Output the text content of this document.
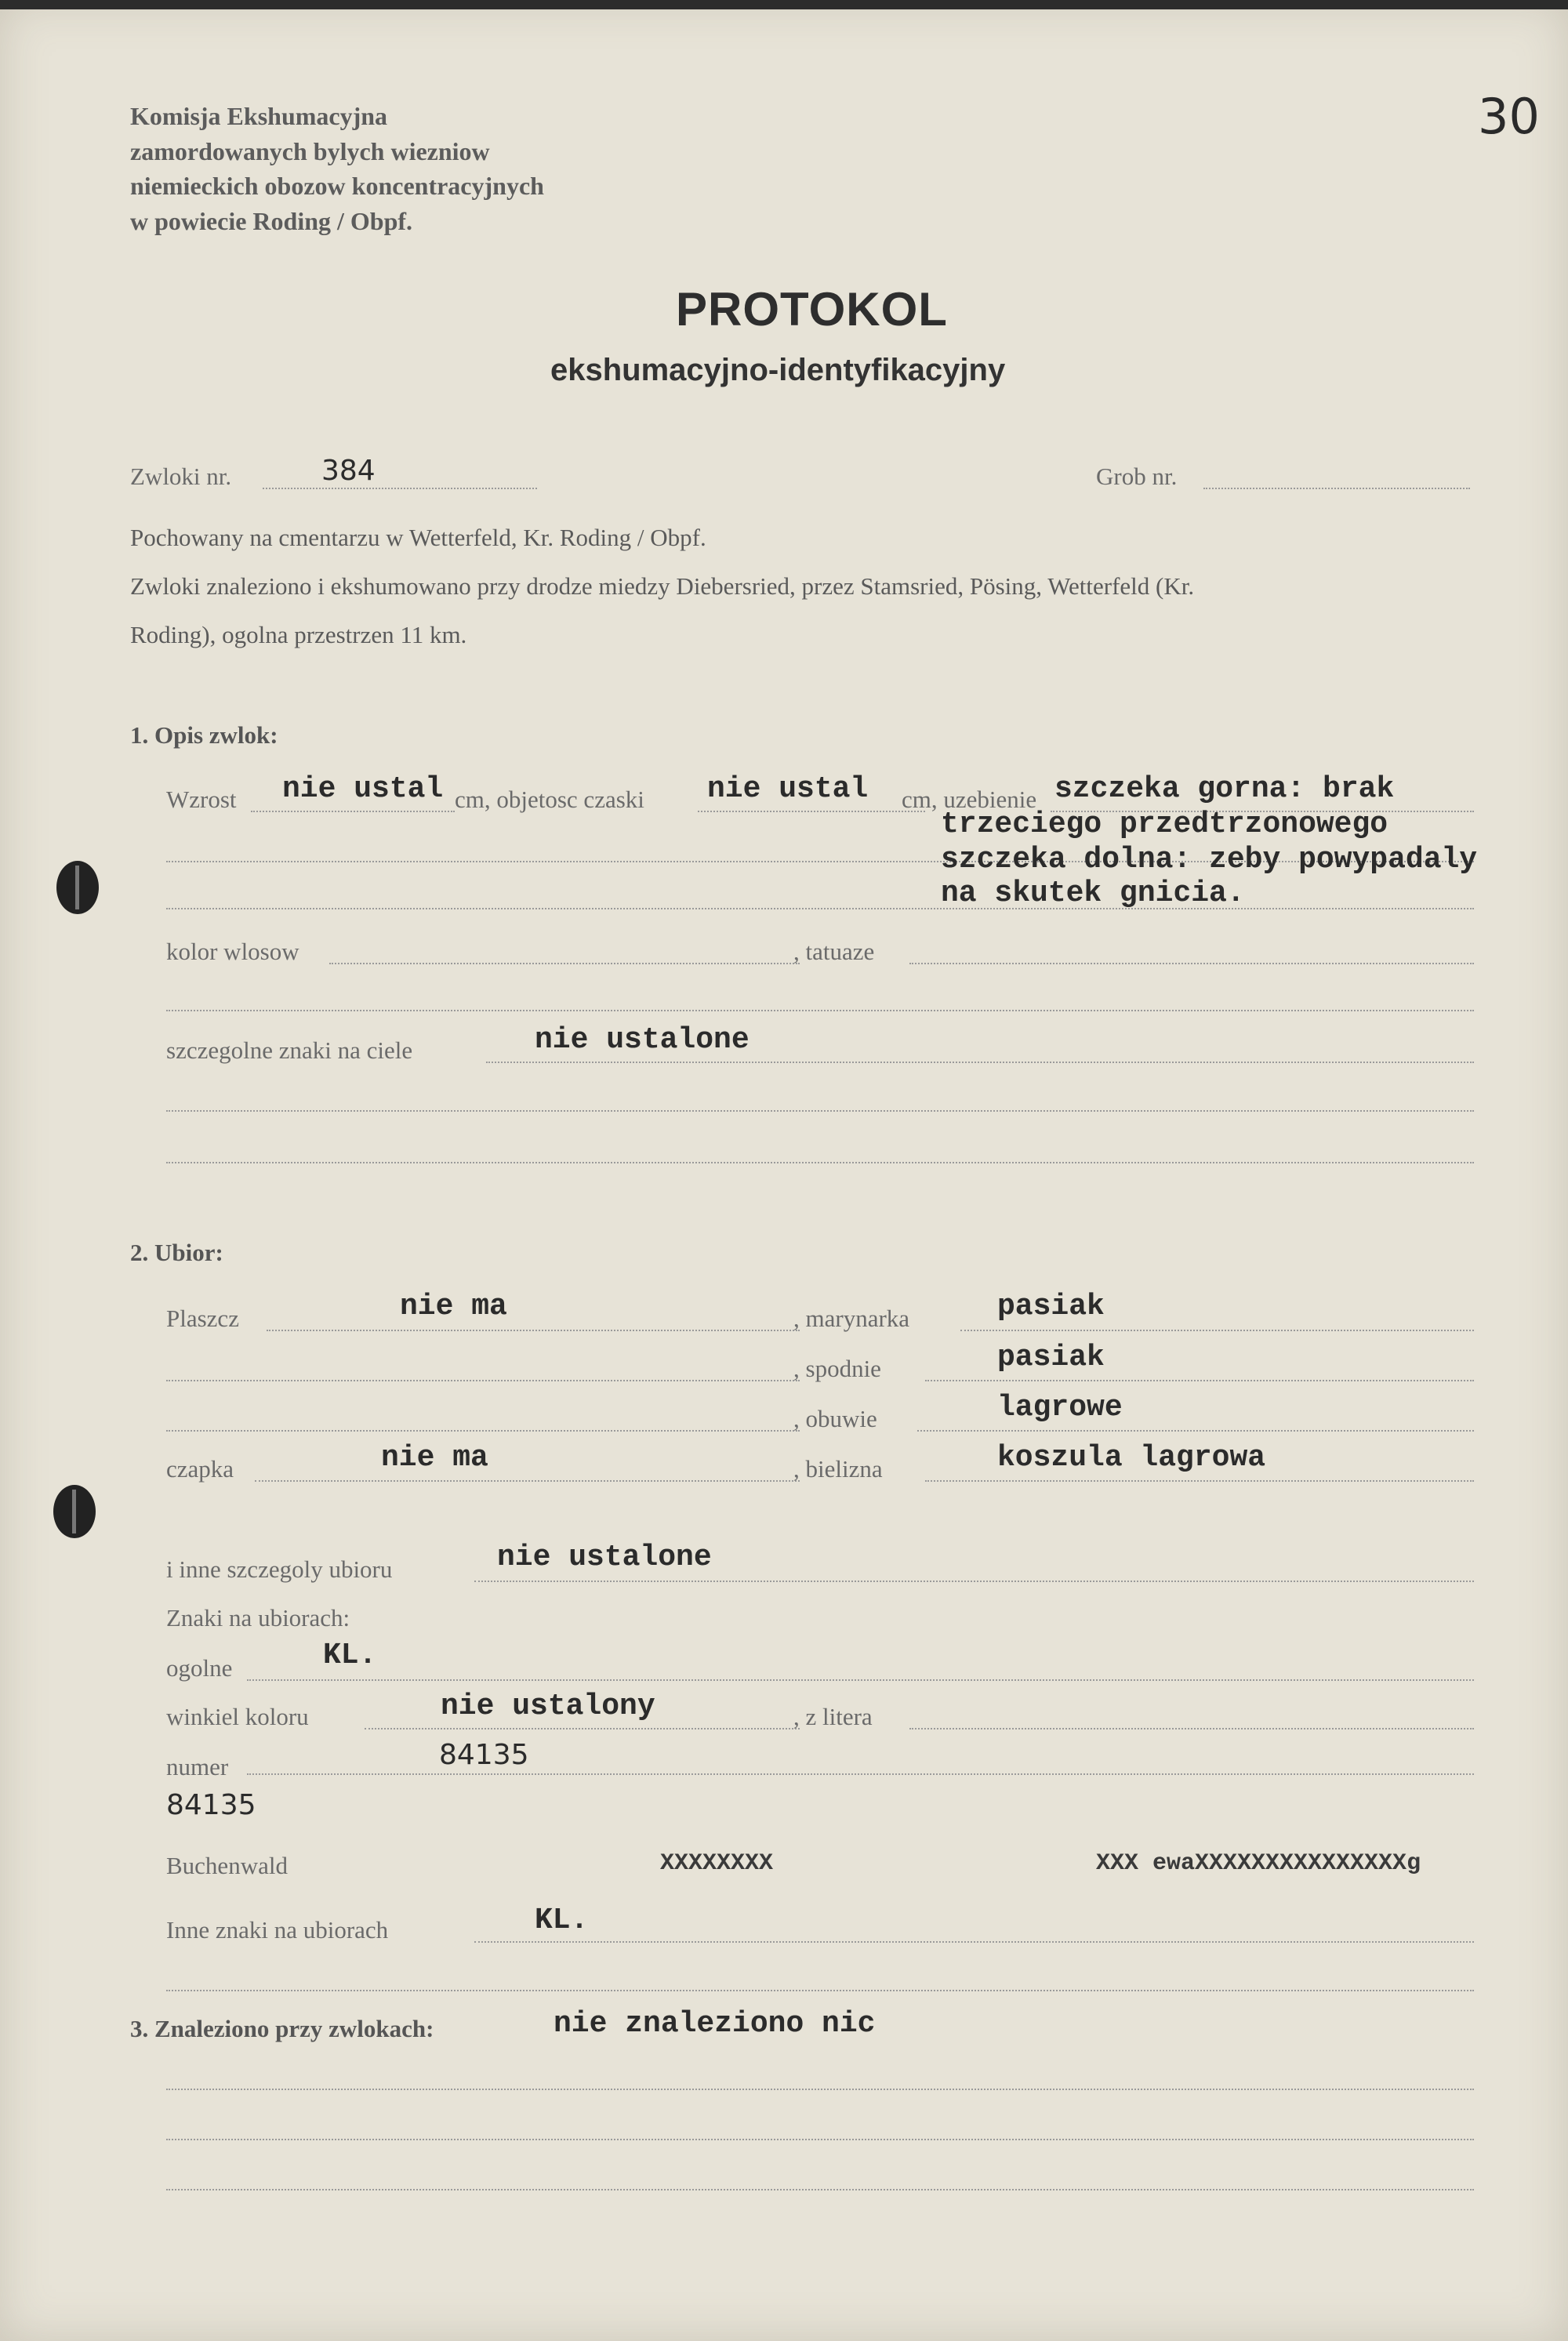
Komisja Ekshumacyjna
zamordowanych bylych wiezniow
niemieckich obozow koncentracyjnych
w powiecie Roding / Obpf.
30
PROTOKOL
ekshumacyjno-identyfikacyjny
Zwloki nr.	384	Grob nr.
Pochowany na cmentarzu w Wetterfeld, Kr. Roding / Obpf.
Zwloki znaleziono i ekshumowano przy drodze miedzy Diebersried, przez Stamsried, Pösing, Wetterfeld (Kr.
Roding), ogolna przestrzen 11 km.
1. Opis zwlok:
Wzrost nie ustal cm, objetosc czaski nie ustal cm, uzebienie szczeka gorna: brak
trzeciego przedtrzonowego
szczeka dolna: zeby powypadaly
na skutek gnicia.
kolor wlosow	, tatuaze
szczegolne znaki na ciele	nie ustalone
2. Ubior:
Plaszcz	nie ma	, marynarka	pasiak
, spodnie	pasiak
, obuwie	lagrowe
czapka	nie ma	, bielizna	koszula lagrowa
i inne szczegoly ubioru	nie ustalone
Znaki na ubiorach:
ogolne	KL.
winkiel koloru	nie ustalony	, z litera
numer	84135
84135
Buchenwald	XXXXXXXX	XXX ewaXXXXXXXXXXXXXXXg
Inne znaki na ubiorach	KL.
3. Znaleziono przy zwlokach:	nie znaleziono nic
